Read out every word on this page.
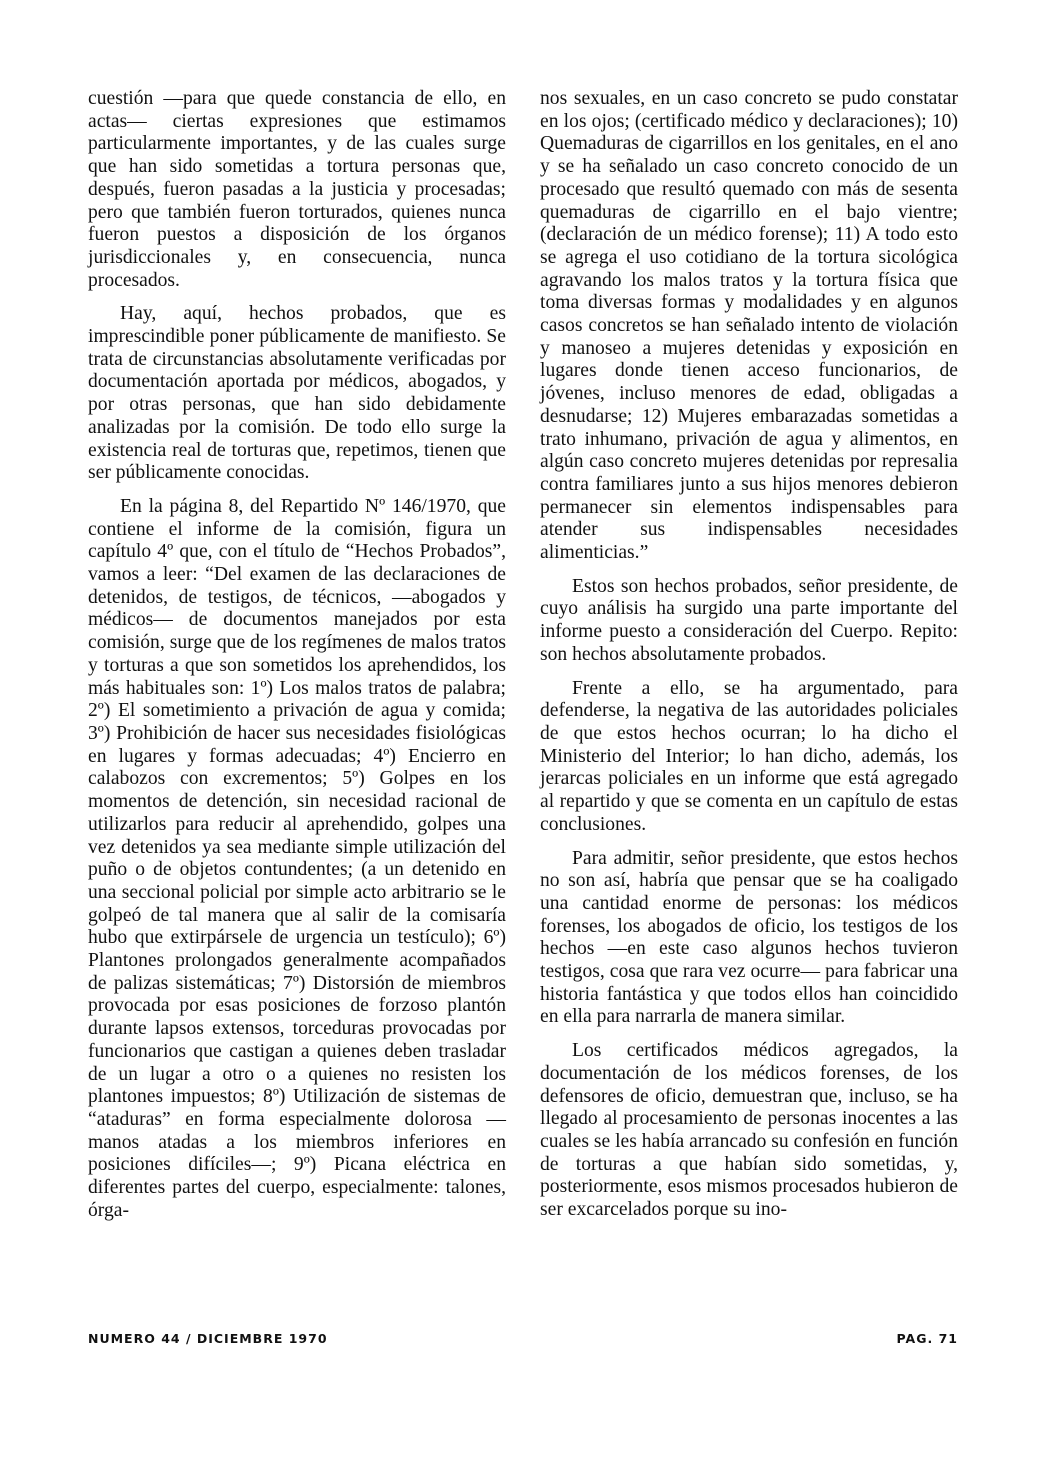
cuestión —para que quede constancia de ello, en actas— ciertas expresiones que estimamos particularmente importantes, y de las cuales surge que han sido sometidas a tortura personas que, después, fueron pasadas a la justicia y procesadas; pero que también fueron torturados, quienes nunca fueron puestos a disposición de los órganos jurisdiccionales y, en consecuencia, nunca procesados.

Hay, aquí, hechos probados, que es imprescindible poner públicamente de manifiesto. Se trata de circunstancias absolutamente verificadas por documentación aportada por médicos, abogados, y por otras personas, que han sido debidamente analizadas por la comisión. De todo ello surge la existencia real de torturas que, repetimos, tienen que ser públicamente conocidas.

En la página 8, del Repartido Nº 146/1970, que contiene el informe de la comisión, figura un capítulo 4º que, con el título de “Hechos Probados”, vamos a leer: “Del examen de las declaraciones de detenidos, de testigos, de técnicos, —abogados y médicos— de documentos manejados por esta comisión, surge que de los regímenes de malos tratos y torturas a que son sometidos los aprehendidos, los más habituales son: 1º) Los malos tratos de palabra; 2º) El sometimiento a privación de agua y comida; 3º) Prohibición de hacer sus necesidades fisiológicas en lugares y formas adecuadas; 4º) Encierro en calabozos con excrementos; 5º) Golpes en los momentos de detención, sin necesidad racional de utilizarlos para reducir al aprehendido, golpes una vez detenidos ya sea mediante simple utilización del puño o de objetos contundentes; (a un detenido en una seccional policial por simple acto arbitrario se le golpeó de tal manera que al salir de la comisaría hubo que extirpársele de urgencia un testículo); 6º) Plantones prolongados generalmente acompañados de palizas sistemáticas; 7º) Distorsión de miembros provocada por esas posiciones de forzoso plantón durante lapsos extensos, torceduras provocadas por funcionarios que castigan a quienes deben trasladar de un lugar a otro o a quienes no resisten los plantones impuestos; 8º) Utilización de sistemas de “ataduras” en forma especialmente dolorosa —manos atadas a los miembros inferiores en posiciones difíciles—; 9º) Picana eléctrica en diferentes partes del cuerpo, especialmente: talones, órga-

nos sexuales, en un caso concreto se pudo constatar en los ojos; (certificado médico y declaraciones); 10) Quemaduras de cigarrillos en los genitales, en el ano y se ha señalado un caso concreto conocido de un procesado que resultó quemado con más de sesenta quemaduras de cigarrillo en el bajo vientre; (declaración de un médico forense); 11) A todo esto se agrega el uso cotidiano de la tortura sicológica agravando los malos tratos y la tortura física que toma diversas formas y modalidades y en algunos casos concretos se han señalado intento de violación y manoseo a mujeres detenidas y exposición en lugares donde tienen acceso funcionarios, de jóvenes, incluso menores de edad, obligadas a desnudarse; 12) Mujeres embarazadas sometidas a trato inhumano, privación de agua y alimentos, en algún caso concreto mujeres detenidas por represalia contra familiares junto a sus hijos menores debieron permanecer sin elementos indispensables para atender sus indispensables necesidades alimenticias.”

Estos son hechos probados, señor presidente, de cuyo análisis ha surgido una parte importante del informe puesto a consideración del Cuerpo. Repito: son hechos absolutamente probados.

Frente a ello, se ha argumentado, para defenderse, la negativa de las autoridades policiales de que estos hechos ocurran; lo ha dicho el Ministerio del Interior; lo han dicho, además, los jerarcas policiales en un informe que está agregado al repartido y que se comenta en un capítulo de estas conclusiones.

Para admitir, señor presidente, que estos hechos no son así, habría que pensar que se ha coaligado una cantidad enorme de personas: los médicos forenses, los abogados de oficio, los testigos de los hechos —en este caso algunos hechos tuvieron testigos, cosa que rara vez ocurre— para fabricar una historia fantástica y que todos ellos han coincidido en ella para narrarla de manera similar.

Los certificados médicos agregados, la documentación de los médicos forenses, de los defensores de oficio, demuestran que, incluso, se ha llegado al procesamiento de personas inocentes a las cuales se les había arrancado su confesión en función de torturas a que habían sido sometidas, y, posteriormente, esos mismos procesados hubieron de ser excarcelados porque su ino-

NUMERO 44 / DICIEMBRE 1970	PAG. 71
